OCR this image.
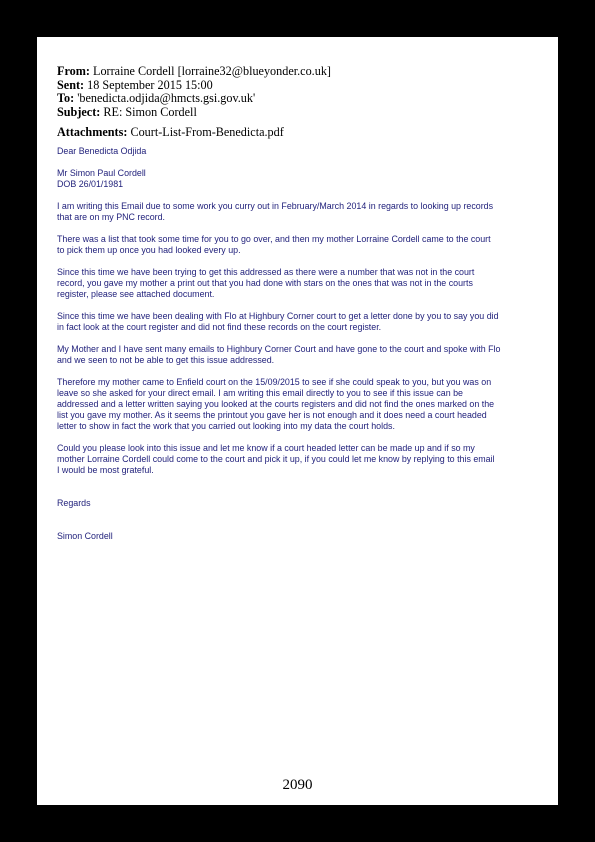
From: Lorraine Cordell [lorraine32@blueyonder.co.uk]
Sent: 18 September 2015 15:00
To: 'benedicta.odjida@hmcts.gsi.gov.uk'
Subject: RE: Simon Cordell
Attachments: Court-List-From-Benedicta.pdf
Dear Benedicta Odjida
Mr Simon Paul Cordell
DOB 26/01/1981

I am writing this Email due to some work you curry out in February/March 2014 in regards to looking up records
that are on my PNC record.

There was a list that took some time for you to go over, and then my mother Lorraine Cordell came to the court
to pick them up once you had looked every up.

Since this time we have been trying to get this addressed as there were a number that was not in the court
record, you gave my mother a print out that you had done with stars on the ones that was not in the courts
register, please see attached document.

Since this time we have been dealing with Flo at Highbury Corner court to get a letter done by you to say you did
in fact look at the court register and did not find these records on the court register.

My Mother and I have sent many emails to Highbury Corner Court and have gone to the court and spoke with Flo
and we seen to not be able to get this issue addressed.

Therefore my mother came to Enfield court on the 15/09/2015 to see if she could speak to you, but you was on
leave so she asked for your direct email. I am writing this email directly to you to see if this issue can be
addressed and a letter written saying you looked at the courts registers and did not find the ones marked on the
list you gave my mother. As it seems the printout you gave her is not enough and it does need a court headed
letter to show in fact the work that you carried out looking into my data the court holds.

Could you please look into this issue and let me know if a court headed letter can be made up and if so my
mother Lorraine Cordell could come to the court and pick it up, if you could let me know by replying to this email
I would be most grateful.

Regards
Simon Cordell
2090
